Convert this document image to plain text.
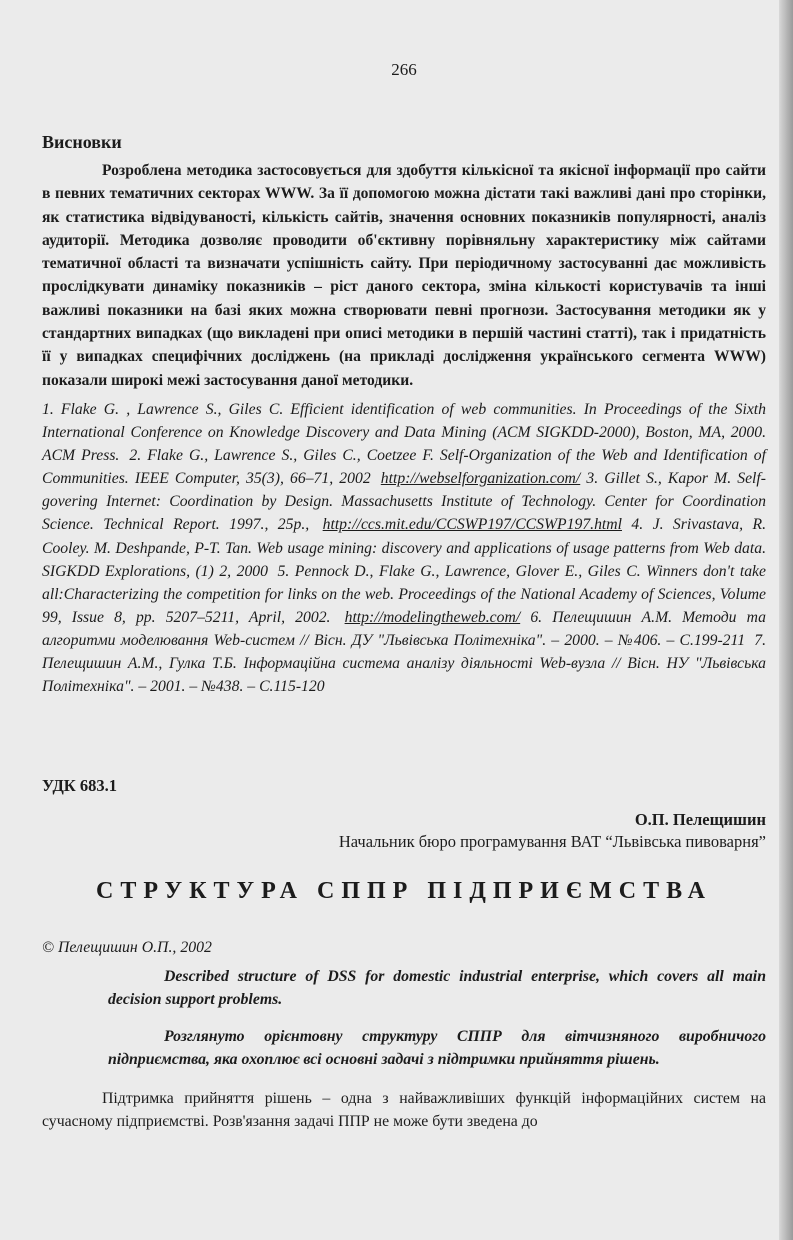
266
Висновки

Розроблена методика застосовується для здобуття кількісної та якісної інформації про сайти в певних тематичних секторах WWW. За її допомогою можна дістати такі важливі дані про сторінки, як статистика відвідуваності, кількість сайтів, значення основних показників популярності, аналіз аудиторії. Методика дозволяє проводити об'єктивну порівняльну характеристику між сайтами тематичної області та визначати успішність сайту. При періодичному застосуванні дає можливість прослідкувати динаміку показників – ріст даного сектора, зміна кількості користувачів та інші важливі показники на базі яких можна створювати певні прогнози. Застосування методики як у стандартних випадках (що викладені при описі методики в першій частині статті), так і придатність її у випадках специфічних досліджень (на прикладі дослідження українського сегмента WWW) показали широкі межі застосування даної методики.

1. Flake G. , Lawrence S., Giles C. Efficient identification of web communities. In Proceedings of the Sixth International Conference on Knowledge Discovery and Data Mining (ACM SIGKDD-2000), Boston, MA, 2000. ACM Press. 2. Flake G., Lawrence S., Giles C., Coetzee F. Self-Organization of the Web and Identification of Communities. IEEE Computer, 35(3), 66–71, 2002 http://webselforganization.com/ 3. Gillet S., Kapor M. Self-govering Internet: Coordination by Design. Massachusetts Institute of Technology. Center for Coordination Science. Technical Report. 1997., 25p., http://ccs.mit.edu/CCSWP197/CCSWP197.html 4. J. Srivastava, R. Cooley. M. Deshpande, P-T. Tan. Web usage mining: discovery and applications of usage patterns from Web data. SIGKDD Explorations, (1) 2, 2000 5. Pennock D., Flake G., Lawrence, Glover E., Giles C. Winners don't take all:Characterizing the competition for links on the web. Proceedings of the National Academy of Sciences, Volume 99, Issue 8, pp. 5207–5211, April, 2002. http://modelingtheweb.com/ 6. Пелещишин А.М. Методи та алгоритми моделювання Web-систем // Вісн. ДУ "Львівська Політехніка". – 2000. – №406. – С.199-211 7. Пелещишин А.М., Гулка Т.Б. Інформаційна система аналізу діяльності Web-вузла // Вісн. НУ "Львівська Політехніка". – 2001. – №438. – С.115-120

УДК 683.1
О.П. Пелещишин
Начальник бюро програмування ВАТ “Львівська пивоварня”
СТРУКТУРА СППР ПІДПРИЄМСТВА
© Пелещишин О.П., 2002

Described structure of DSS for domestic industrial enterprise, which covers all main decision support problems.

Розглянуто орієнтовну структуру СППР для вітчизняного виробничого підприємства, яка охоплює всі основні задачі з підтримки прийняття рішень.

Підтримка прийняття рішень – одна з найважливіших функцій інформаційних систем на сучасному підприємстві. Розв'язання задачі ППР не може бути зведена до
